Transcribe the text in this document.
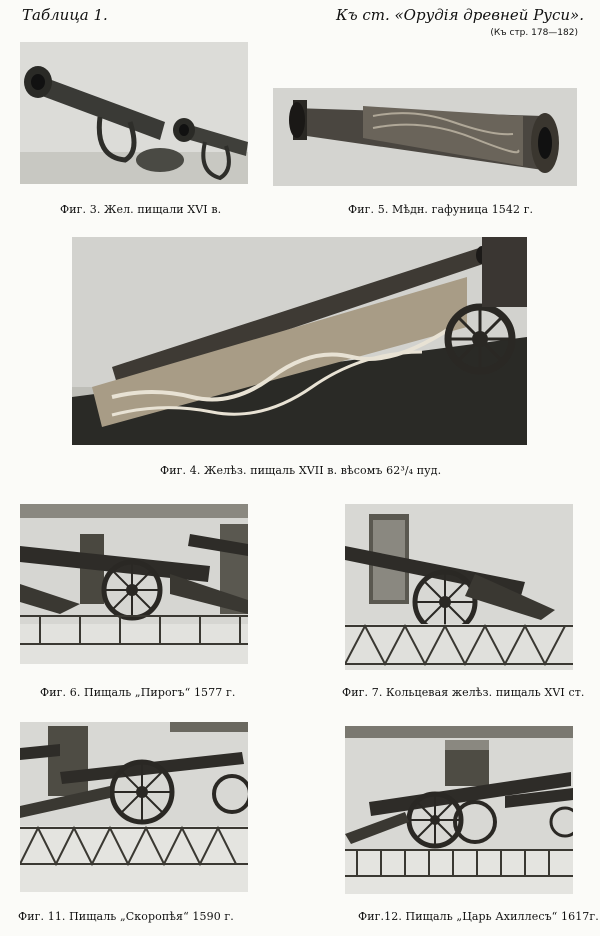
Таблица 1.	Къ ст. «Орудія древней Руси».
(Къ стр. 178—182)
Фиг. 3. Жел. пищали XVI в.	Фиг. 5. Мѣдн. гафуница 1542 г.
Фиг. 4. Желѣз. пищаль XVII в. вѣсомъ 62³/₄ пуд.
Фиг. 6. Пищаль „Пирогъ“ 1577 г.	Фиг. 7. Кольцевая желѣз. пищаль XVI ст.
Фиг. 11. Пищаль „Скоропѣя“ 1590 г.	Фиг.12. Пищаль „Царь Ахиллесъ“ 1617г.
